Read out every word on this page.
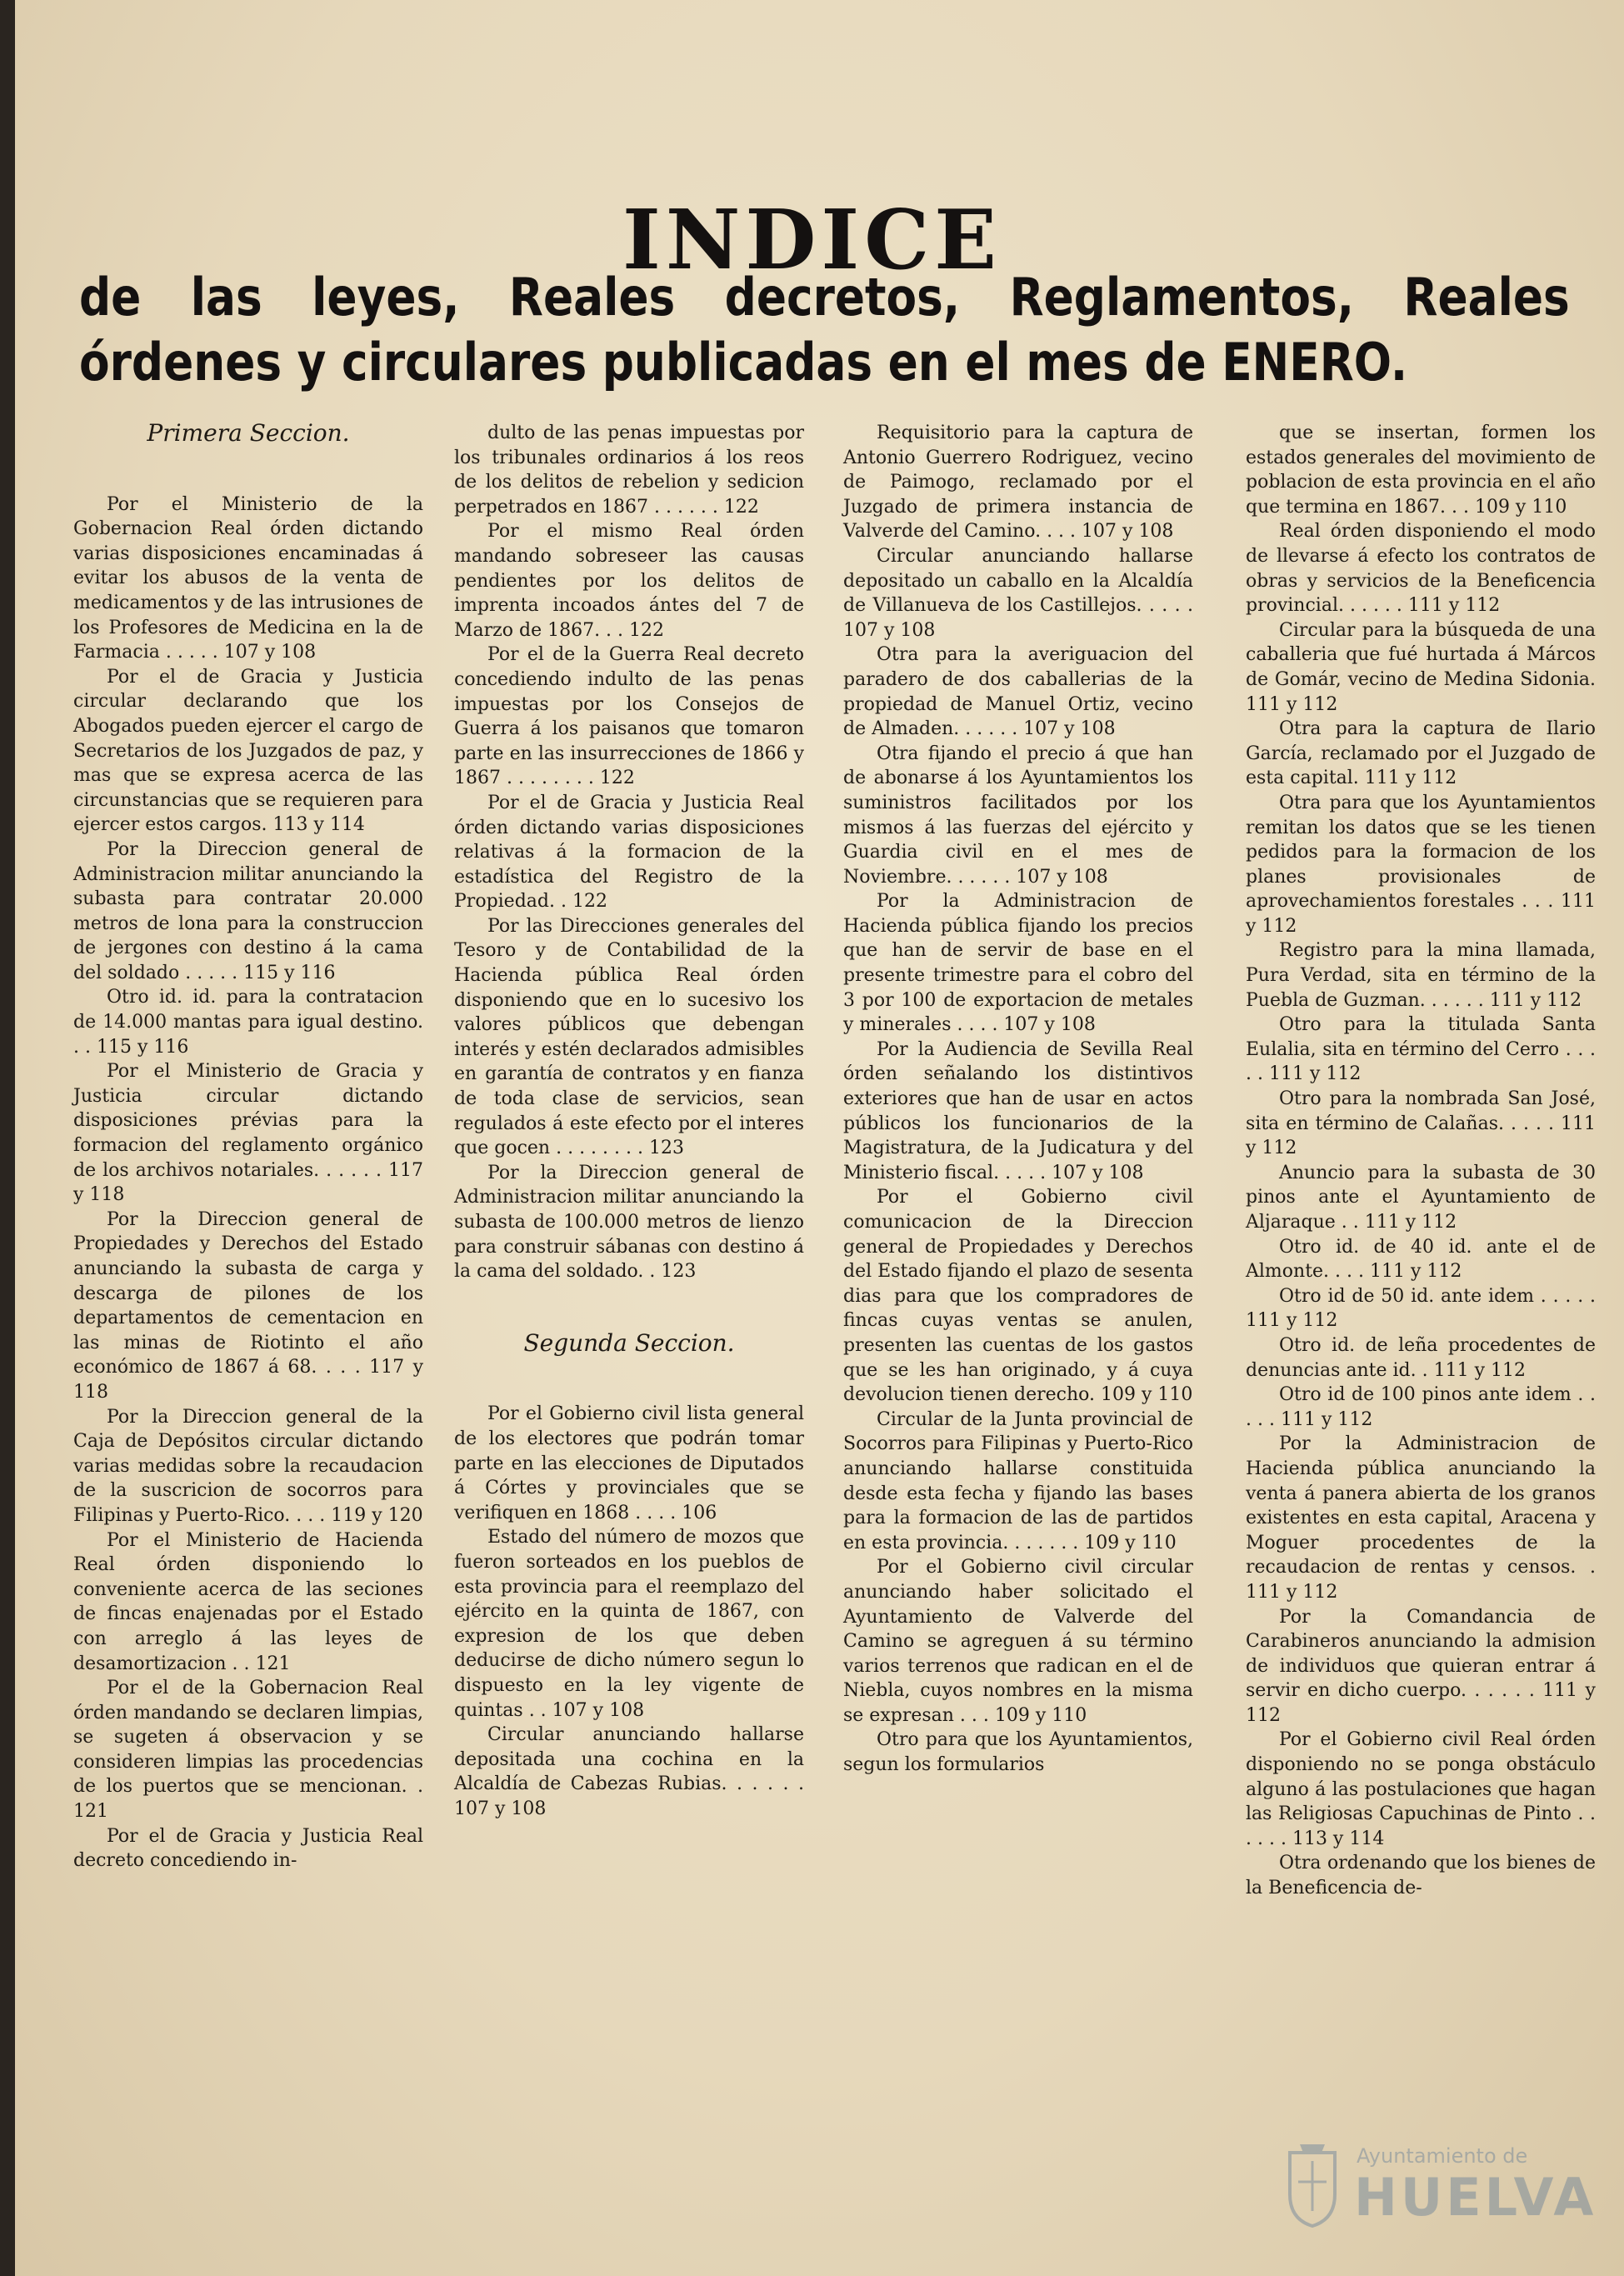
INDICE
de las leyes, Reales decretos, Reglamentos, Reales órdenes y circulares publicadas en el mes de ENERO.
Primera Seccion.

Por el Ministerio de la Gobernacion Real órden dictando varias disposiciones encaminadas á evitar los abusos de la venta de medicamentos y de las intrusiones de los Profesores de Medicina en la de Farmacia . . . . . 107 y 108

Por el de Gracia y Justicia circular declarando que los Abogados pueden ejercer el cargo de Secretarios de los Juzgados de paz, y mas que se expresa acerca de las circunstancias que se requieren para ejercer estos cargos. 113 y 114

Por la Direccion general de Administracion militar anunciando la subasta para contratar 20.000 metros de lona para la construccion de jergones con destino á la cama del soldado . . . . . 115 y 116

Otro id. id. para la contratacion de 14.000 mantas para igual destino. . . 115 y 116

Por el Ministerio de Gracia y Justicia circular dictando disposiciones prévias para la formacion del reglamento orgánico de los archivos notariales. . . . . . 117 y 118

Por la Direccion general de Propiedades y Derechos del Estado anunciando la subasta de carga y descarga de pilones de los departamentos de cementacion en las minas de Riotinto el año económico de 1867 á 68. . . . 117 y 118

Por la Direccion general de la Caja de Depósitos circular dictando varias medidas sobre la recaudacion de la suscricion de socorros para Filipinas y Puerto-Rico. . . . 119 y 120

Por el Ministerio de Hacienda Real órden disponiendo lo conveniente acerca de las seciones de fincas enajenadas por el Estado con arreglo á las leyes de desamortizacion . . 121

Por el de la Gobernacion Real órden mandando se declaren limpias, se sugeten á observacion y se consideren limpias las procedencias de los puertos que se mencionan. . 121

Por el de Gracia y Justicia Real decreto concediendo in-

dulto de las penas impuestas por los tribunales ordinarios á los reos de los delitos de rebelion y sedicion perpetrados en 1867 . . . . . . 122

Por el mismo Real órden mandando sobreseer las causas pendientes por los delitos de imprenta incoados ántes del 7 de Marzo de 1867. . . 122

Por el de la Guerra Real decreto concediendo indulto de las penas impuestas por los Consejos de Guerra á los paisanos que tomaron parte en las insurrecciones de 1866 y 1867 . . . . . . . . 122

Por el de Gracia y Justicia Real órden dictando varias disposiciones relativas á la formacion de la estadística del Registro de la Propiedad. . 122

Por las Direcciones generales del Tesoro y de Contabilidad de la Hacienda pública Real órden disponiendo que en lo sucesivo los valores públicos que debengan interés y estén declarados admisibles en garantía de contratos y en fianza de toda clase de servicios, sean regulados á este efecto por el interes que gocen . . . . . . . . 123

Por la Direccion general de Administracion militar anunciando la subasta de 100.000 metros de lienzo para construir sábanas con destino á la cama del soldado. . 123

Segunda Seccion.

Por el Gobierno civil lista general de los electores que podrán tomar parte en las elecciones de Diputados á Córtes y provinciales que se verifiquen en 1868 . . . . 106

Estado del número de mozos que fueron sorteados en los pueblos de esta provincia para el reemplazo del ejército en la quinta de 1867, con expresion de los que deben deducirse de dicho número segun lo dispuesto en la ley vigente de quintas . . 107 y 108

Circular anunciando hallarse depositada una cochina en la Alcaldía de Cabezas Rubias. . . . . . 107 y 108

Requisitorio para la captura de Antonio Guerrero Rodriguez, vecino de Paimogo, reclamado por el Juzgado de primera instancia de Valverde del Camino. . . . 107 y 108

Circular anunciando hallarse depositado un caballo en la Alcaldía de Villanueva de los Castillejos. . . . . 107 y 108

Otra para la averiguacion del paradero de dos caballerias de la propiedad de Manuel Ortiz, vecino de Almaden. . . . . . 107 y 108

Otra fijando el precio á que han de abonarse á los Ayuntamientos los suministros facilitados por los mismos á las fuerzas del ejército y Guardia civil en el mes de Noviembre. . . . . . 107 y 108

Por la Administracion de Hacienda pública fijando los precios que han de servir de base en el presente trimestre para el cobro del 3 por 100 de exportacion de metales y minerales . . . . 107 y 108

Por la Audiencia de Sevilla Real órden señalando los distintivos exteriores que han de usar en actos públicos los funcionarios de la Magistratura, de la Judicatura y del Ministerio fiscal. . . . . 107 y 108

Por el Gobierno civil comunicacion de la Direccion general de Propiedades y Derechos del Estado fijando el plazo de sesenta dias para que los compradores de fincas cuyas ventas se anulen, presenten las cuentas de los gastos que se les han originado, y á cuya devolucion tienen derecho. 109 y 110

Circular de la Junta provincial de Socorros para Filipinas y Puerto-Rico anunciando hallarse constituida desde esta fecha y fijando las bases para la formacion de las de partidos en esta provincia. . . . . . . 109 y 110

Por el Gobierno civil circular anunciando haber solicitado el Ayuntamiento de Valverde del Camino se agreguen á su término varios terrenos que radican en el de Niebla, cuyos nombres en la misma se expresan . . . 109 y 110

Otro para que los Ayuntamientos, segun los formularios

que se insertan, formen los estados generales del movimiento de poblacion de esta provincia en el año que termina en 1867. . . 109 y 110

Real órden disponiendo el modo de llevarse á efecto los contratos de obras y servicios de la Beneficencia provincial. . . . . . 111 y 112

Circular para la búsqueda de una caballeria que fué hurtada á Márcos de Gomár, vecino de Medina Sidonia. 111 y 112

Otra para la captura de Ilario García, reclamado por el Juzgado de esta capital. 111 y 112

Otra para que los Ayuntamientos remitan los datos que se les tienen pedidos para la formacion de los planes provisionales de aprovechamientos forestales . . . 111 y 112

Registro para la mina llamada, Pura Verdad, sita en término de la Puebla de Guzman. . . . . . 111 y 112

Otro para la titulada Santa Eulalia, sita en término del Cerro . . . . . 111 y 112

Otro para la nombrada San José, sita en término de Calañas. . . . . 111 y 112

Anuncio para la subasta de 30 pinos ante el Ayuntamiento de Aljaraque . . 111 y 112

Otro id. de 40 id. ante el de Almonte. . . . 111 y 112

Otro id de 50 id. ante idem . . . . . 111 y 112

Otro id. de leña procedentes de denuncias ante id. . 111 y 112

Otro id de 100 pinos ante idem . . . . . 111 y 112

Por la Administracion de Hacienda pública anunciando la venta á panera abierta de los granos existentes en esta capital, Aracena y Moguer procedentes de la recaudacion de rentas y censos. . 111 y 112

Por la Comandancia de Carabineros anunciando la admision de individuos que quieran entrar á servir en dicho cuerpo. . . . . . 111 y 112

Por el Gobierno civil Real órden disponiendo no se ponga obstáculo alguno á las postulaciones que hagan las Religiosas Capuchinas de Pinto . . . . . . 113 y 114

Otra ordenando que los bienes de la Beneficencia de-

Ayuntamiento de
HUELVA
